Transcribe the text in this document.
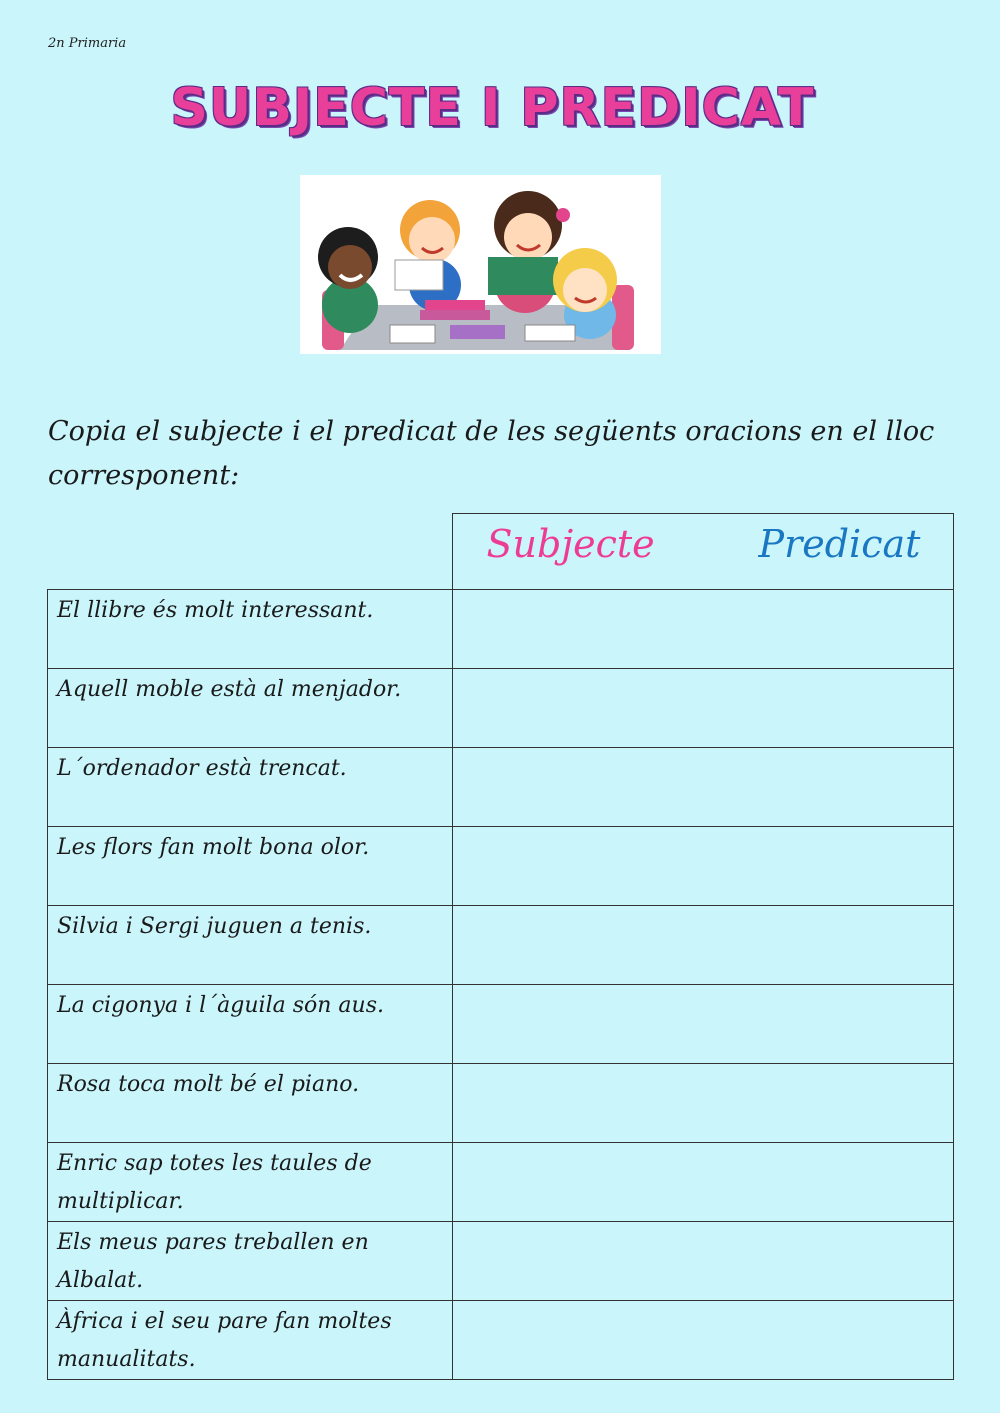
2n Primaria
SUBJECTE I PREDICAT
Copia el subjecte i el predicat de les següents oracions en el lloc corresponent:

	Subjecte Predicat

El llibre és molt interessant.	
Aquell moble està al menjador.	
L´ordenador està trencat.	
Les flors fan molt bona olor.	
Silvia i Sergi juguen a tenis.	
La cigonya i l´àguila són aus.	
Rosa toca molt bé el piano.	
Enric sap totes les taules de multiplicar.	
Els meus pares treballen en Albalat.	
Àfrica i el seu pare fan moltes manualitats.	
